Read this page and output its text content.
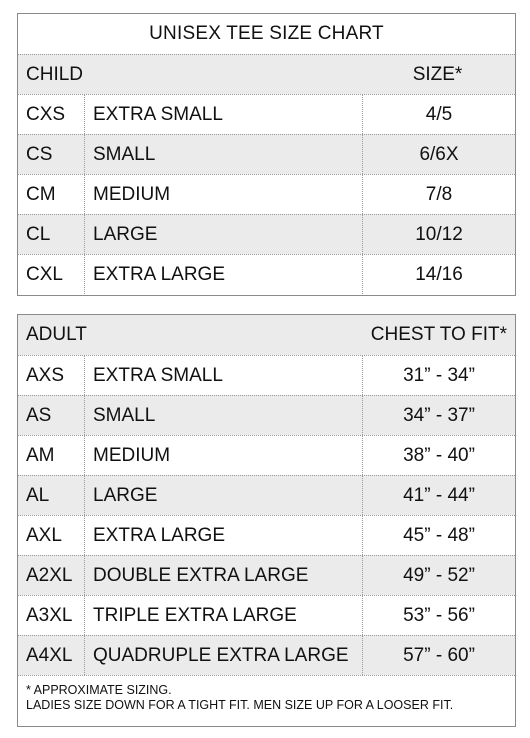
UNISEX TEE SIZE CHART
CHILD	SIZE*
CXS	EXTRA SMALL	4/5
CS	SMALL	6/6X
CM	MEDIUM	7/8
CL	LARGE	10/12
CXL	EXTRA LARGE	14/16
ADULT	CHEST TO FIT*
AXS	EXTRA SMALL	31” - 34”
AS	SMALL	34” - 37”
AM	MEDIUM	38” - 40”
AL	LARGE	41” - 44”
AXL	EXTRA LARGE	45” - 48”
A2XL	DOUBLE EXTRA LARGE	49” - 52”
A3XL	TRIPLE EXTRA LARGE	53” - 56”
A4XL	QUADRUPLE EXTRA LARGE	57” - 60”
* APPROXIMATE SIZING.
LADIES SIZE DOWN FOR A TIGHT FIT. MEN SIZE UP FOR A LOOSER FIT.
